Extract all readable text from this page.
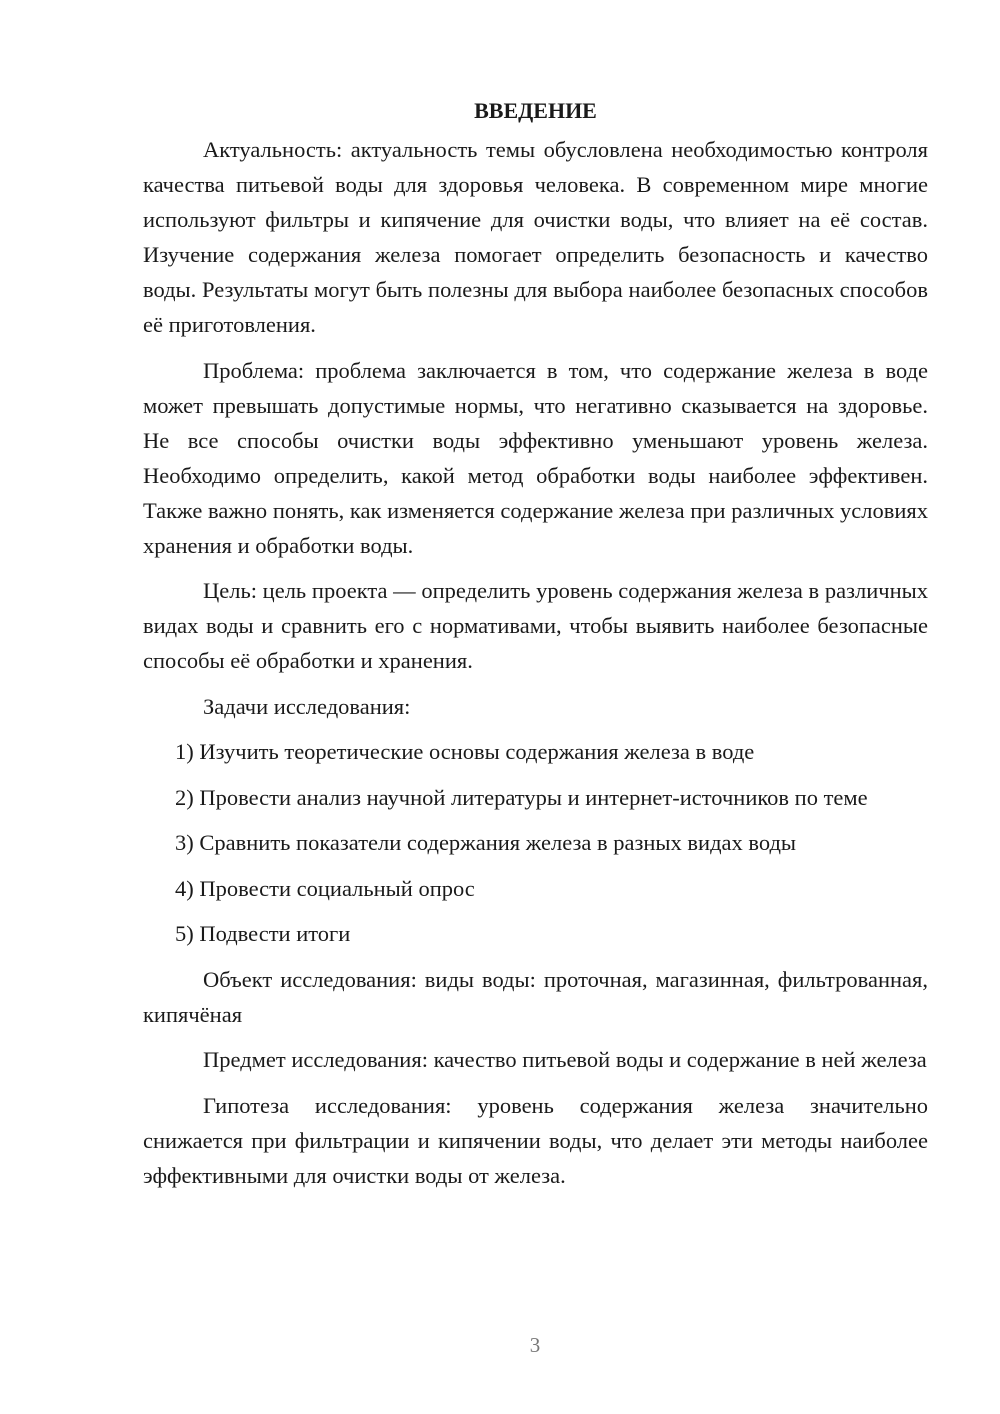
ВВЕДЕНИЕ

Актуальность: актуальность темы обусловлена необходимостью контроля качества питьевой воды для здоровья человека. В современном мире многие используют фильтры и кипячение для очистки воды, что влияет на её состав. Изучение содержания железа помогает определить безопасность и качество воды. Результаты могут быть полезны для выбора наиболее безопасных способов её приготовления.

Проблема: проблема заключается в том, что содержание железа в воде может превышать допустимые нормы, что негативно сказывается на здоровье. Не все способы очистки воды эффективно уменьшают уровень железа. Необходимо определить, какой метод обработки воды наиболее эффективен. Также важно понять, как изменяется содержание железа при различных условиях хранения и обработки воды.

Цель: цель проекта — определить уровень содержания железа в различных видах воды и сравнить его с нормативами, чтобы выявить наиболее безопасные способы её обработки и хранения.

Задачи исследования:

1) Изучить теоретические основы содержания железа в воде

2) Провести анализ научной литературы и интернет-источников по теме

3) Сравнить показатели содержания железа в разных видах воды

4) Провести социальный опрос

5) Подвести итоги

Объект исследования: виды воды: проточная, магазинная, фильтрованная, кипячёная

Предмет исследования: качество питьевой воды и содержание в ней железа

Гипотеза исследования: уровень содержания железа значительно снижается при фильтрации и кипячении воды, что делает эти методы наиболее эффективными для очистки воды от железа.

3
